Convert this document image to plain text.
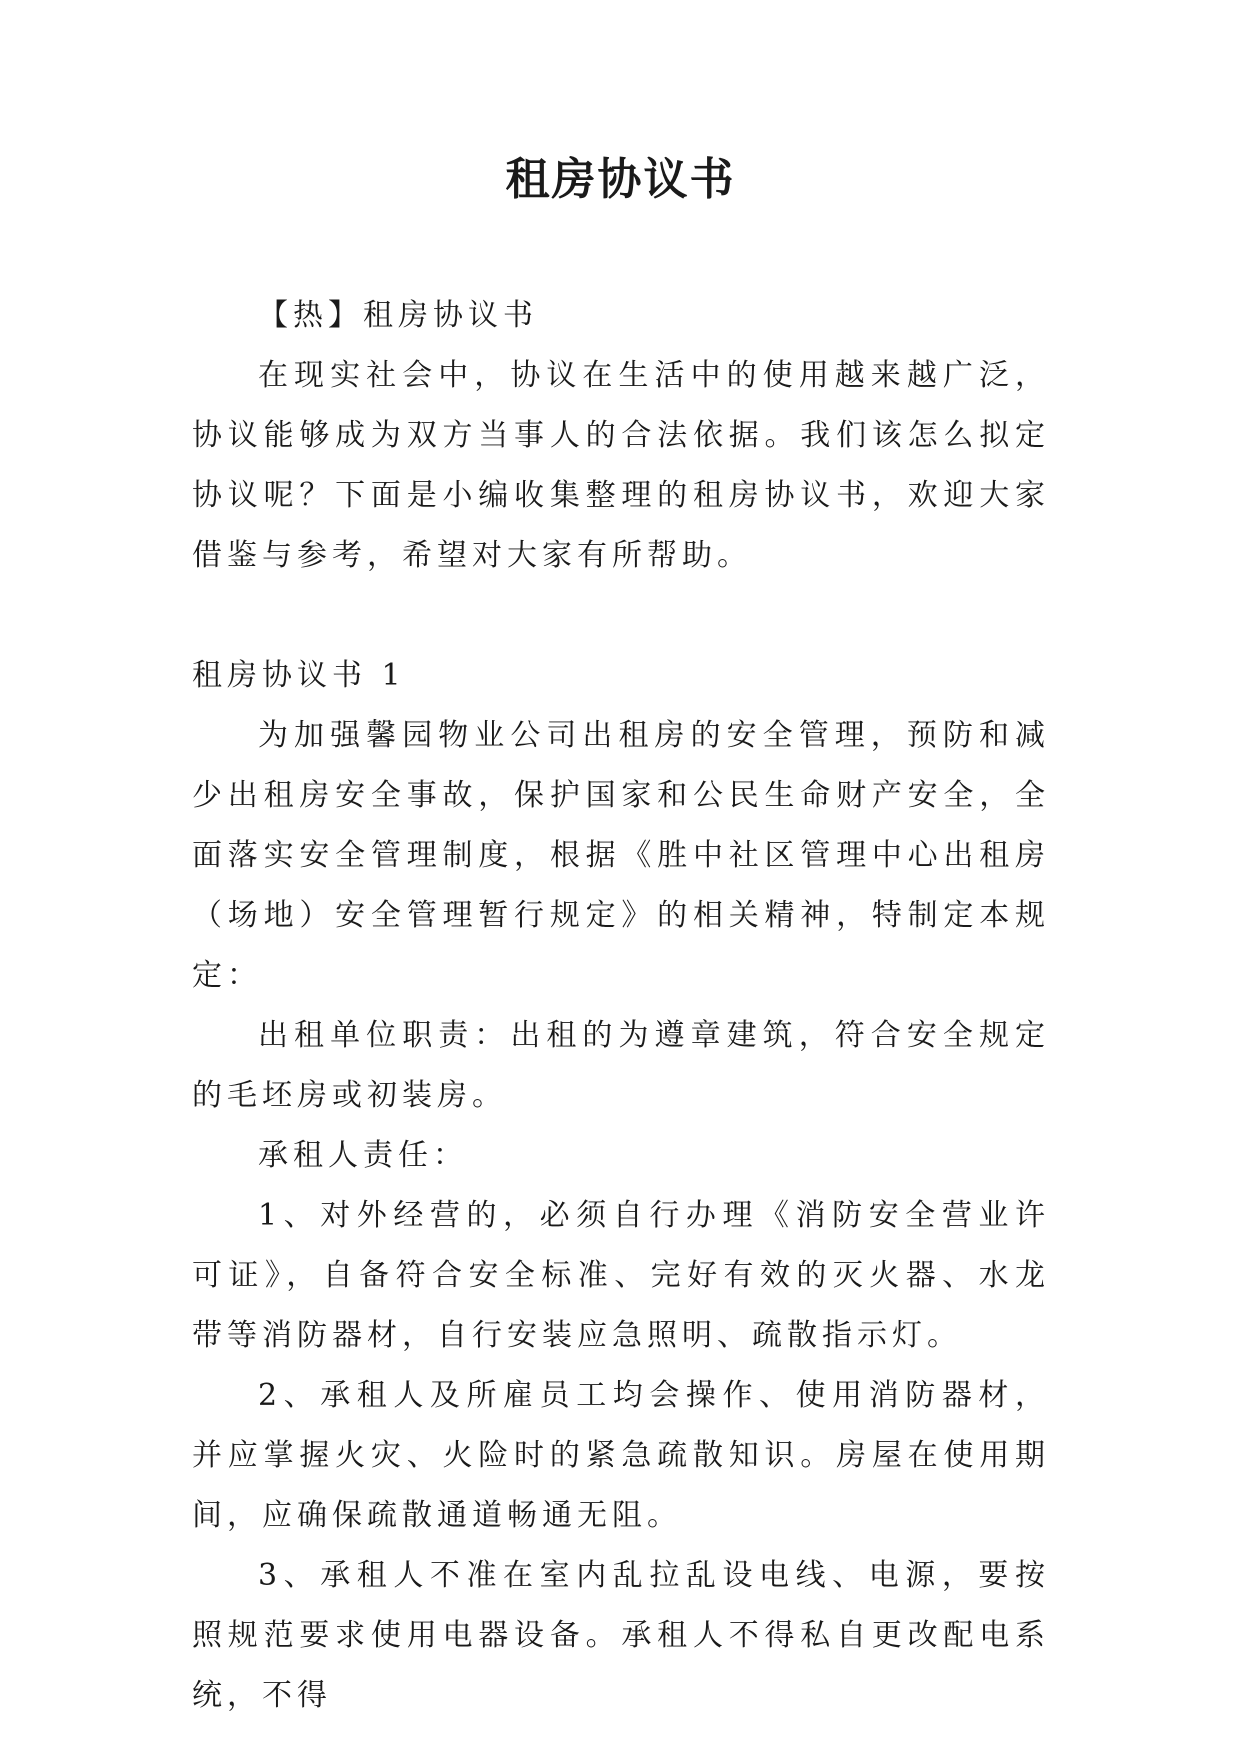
租房协议书

【热】租房协议书

在现实社会中，协议在生活中的使用越来越广泛，协议能够成为双方当事人的合法依据。我们该怎么拟定协议呢？下面是小编收集整理的租房协议书，欢迎大家借鉴与参考，希望对大家有所帮助。

租房协议书 1

为加强馨园物业公司出租房的安全管理，预防和减少出租房安全事故，保护国家和公民生命财产安全，全面落实安全管理制度，根据《胜中社区管理中心出租房（场地）安全管理暂行规定》的相关精神，特制定本规定：

出租单位职责：出租的为遵章建筑，符合安全规定的毛坯房或初装房。

承租人责任：

1、对外经营的，必须自行办理《消防安全营业许可证》，自备符合安全标准、完好有效的灭火器、水龙带等消防器材，自行安装应急照明、疏散指示灯。

2、承租人及所雇员工均会操作、使用消防器材，并应掌握火灾、火险时的紧急疏散知识。房屋在使用期间，应确保疏散通道畅通无阻。

3、承租人不准在室内乱拉乱设电线、电源，要按照规范要求使用电器设备。承租人不得私自更改配电系统，不得
